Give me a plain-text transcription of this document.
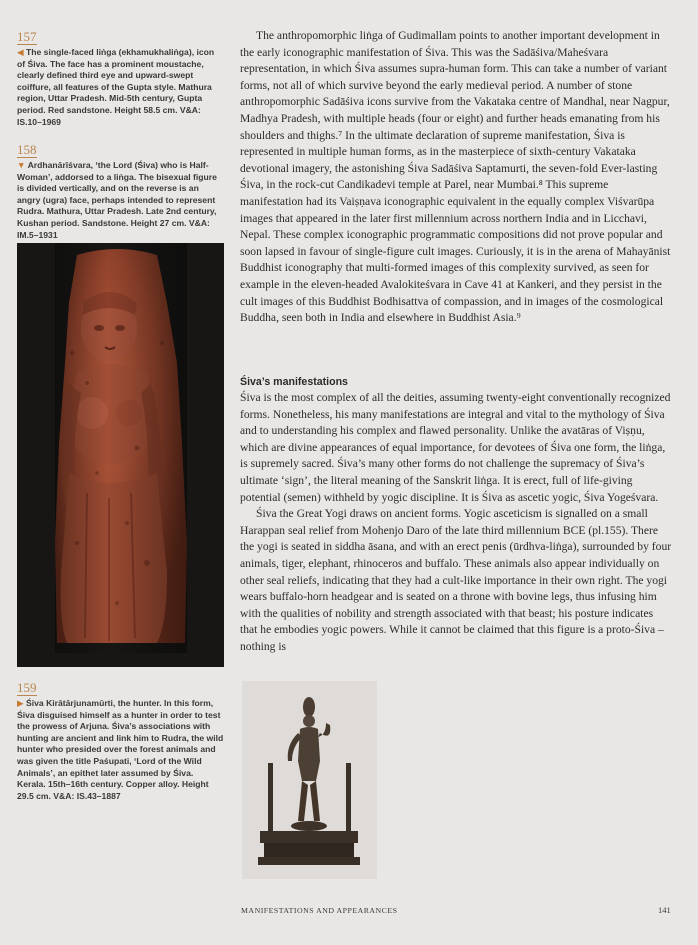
157

◀ The single-faced liṅga (ekhamukhaliṅga), icon of Śiva. The face has a prominent moustache, clearly defined third eye and upward-swept coiffure, all features of the Gupta style. Mathura region, Uttar Pradesh. Mid-5th century, Gupta period. Red sandstone. Height 58.5 cm. V&A: IS.10–1969

158

▼ Ardhanārīśvara, ‘the Lord (Śiva) who is Half-Woman’, addorsed to a liṅga. The bisexual figure is divided vertically, and on the reverse is an angry (ugra) face, perhaps intended to represent Rudra. Mathura, Uttar Pradesh. Late 2nd century, Kushan period. Sandstone. Height 27 cm. V&A: IM.5–1931

159

▶ Śiva Kirātārjunamūrti, the hunter. In this form, Śiva disguised himself as a hunter in order to test the prowess of Arjuna. Śiva’s associations with hunting are ancient and link him to Rudra, the wild hunter who presided over the forest animals and was given the title Paśupati, ‘Lord of the Wild Animals’, an epithet later assumed by Śiva. Kerala. 15th–16th century. Copper alloy. Height 29.5 cm. V&A: IS.43–1887

The anthropomorphic liṅga of Gudimallam points to another important development in the early iconographic manifestation of Śiva. This was the Sadāśiva/Maheśvara representation, in which Śiva assumes supra-human form. This can take a number of variant forms, not all of which survive beyond the early medieval period. A number of stone anthropomorphic Sadāśiva icons survive from the Vakataka centre of Mandhal, near Nagpur, Madhya Pradesh, with multiple heads (four or eight) and further heads emanating from his shoulders and thighs.⁷ In the ultimate declaration of supreme manifestation, Śiva is represented in multiple human forms, as in the masterpiece of sixth-century Vakataka devotional imagery, the astonishing Śiva Sadāśiva Saptamurti, the seven-fold Ever-lasting Śiva, in the rock-cut Candikadevi temple at Parel, near Mumbai.⁸ This supreme manifestation had its Vaiṣṇava iconographic equivalent in the equally complex Viśvarūpa images that appeared in the later first millennium across northern India and in Licchavi, Nepal. These complex iconographic programmatic compositions did not prove popular and soon lapsed in favour of single-figure cult images. Curiously, it is in the arena of Mahayānist Buddhist iconography that multi-formed images of this complexity survived, as seen for example in the eleven-headed Avalokiteśvara in Cave 41 at Kankeri, and they persist in the cult images of this Buddhist Bodhisattva of compassion, and in images of the cosmological Buddha, seen both in India and elsewhere in Buddhist Asia.⁹

Śiva’s manifestations

Śiva is the most complex of all the deities, assuming twenty-eight conventionally recognized forms. Nonetheless, his many manifestations are integral and vital to the mythology of Śiva and to understanding his complex and flawed personality. Unlike the avatāras of Viṣṇu, which are divine appearances of equal importance, for devotees of Śiva one form, the liṅga, is supremely sacred. Śiva’s many other forms do not challenge the supremacy of Śiva’s ultimate ‘sign’, the literal meaning of the Sanskrit liṅga. It is erect, full of life-giving potential (semen) withheld by yogic discipline. It is Śiva as ascetic yogic, Śiva Yogeśvara.

Śiva the Great Yogi draws on ancient forms. Yogic asceticism is signalled on a small Harappan seal relief from Mohenjo Daro of the late third millennium BCE (pl.155). There the yogi is seated in siddha āsana, and with an erect penis (ūrdhva-liṅga), surrounded by four animals, tiger, elephant, rhinoceros and buffalo. These animals also appear individually on other seal reliefs, indicating that they had a cult-like importance in their own right. The yogi wears buffalo-horn headgear and is seated on a throne with bovine legs, thus infusing him with the qualities of nobility and strength associated with that beast; his posture indicates that he embodies yogic powers. While it cannot be claimed that this figure is a proto-Śiva – nothing is

MANIFESTATIONS AND APPEARANCES	141
